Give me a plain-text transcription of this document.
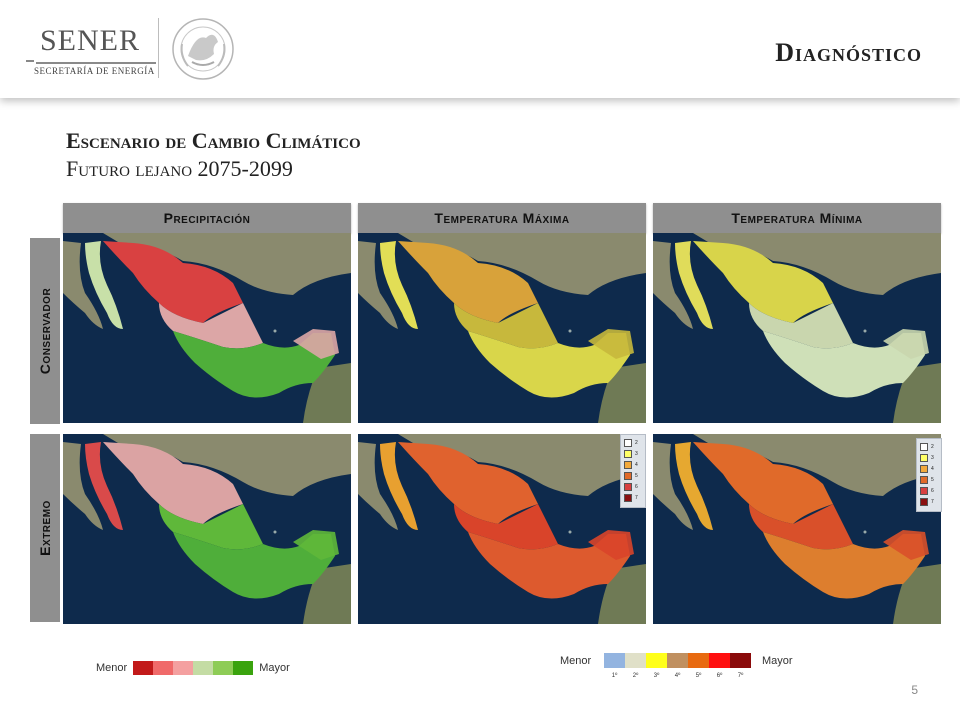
SENER
SECRETARÍA DE ENERGÍA
Diagnóstico
Escenario de Cambio Climático
Futuro lejano 2075-2099
Precipitación	Temperatura Máxima	Temperatura Mínima
Conservador
Extremo
2
3
4
5
6
7
2
3
4
5
6
7
Menor	Mayor
Menor
1º	2º	3º	4º	5º	6º	7º
Mayor
5
